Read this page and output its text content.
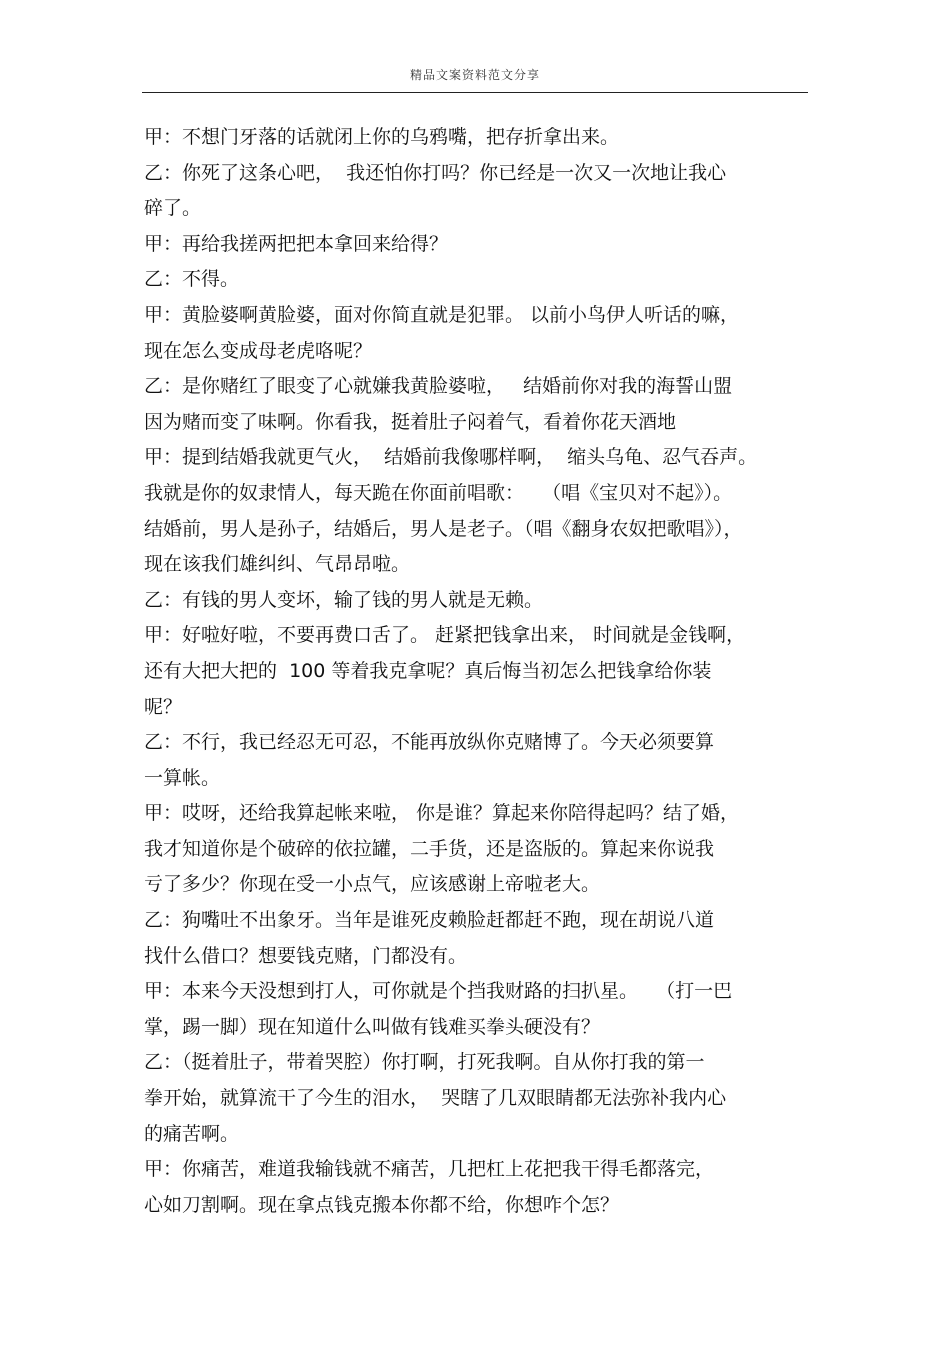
精品文案资料范文分享
甲：不想门牙落的话就闭上你的乌鸦嘴，把存折拿出来。
乙：你死了这条心吧，  我还怕你打吗？你已经是一次又一次地让我心
碎了。
甲：再给我搓两把把本拿回来给得？
乙：不得。
甲：黄脸婆啊黄脸婆，面对你简直就是犯罪。 以前小鸟伊人听话的嘛，
现在怎么变成母老虎咯呢？
乙：是你赌红了眼变了心就嫌我黄脸婆啦，   结婚前你对我的海誓山盟
因为赌而变了味啊。你看我，挺着肚子闷着气，看着你花天酒地
甲：提到结婚我就更气火，  结婚前我像哪样啊，  缩头乌龟、忍气吞声。
我就是你的奴隶情人，每天跪在你面前唱歌：   （唱《宝贝对不起》）。
结婚前，男人是孙子，结婚后，男人是老子。（唱《翻身农奴把歌唱》），
现在该我们雄纠纠、气昂昂啦。
乙：有钱的男人变坏，输了钱的男人就是无赖。
甲：好啦好啦，不要再费口舌了。 赶紧把钱拿出来， 时间就是金钱啊，
还有大把大把的  100 等着我克拿呢？真后悔当初怎么把钱拿给你装
呢？
乙：不行，我已经忍无可忍，不能再放纵你克赌博了。今天必须要算
一算帐。
甲：哎呀，还给我算起帐来啦， 你是谁？算起来你陪得起吗？结了婚，
我才知道你是个破碎的依拉罐，二手货，还是盗版的。算起来你说我
亏了多少？你现在受一小点气，应该感谢上帝啦老大。
乙：狗嘴吐不出象牙。当年是谁死皮赖脸赶都赶不跑，现在胡说八道
找什么借口？想要钱克赌，门都没有。
甲：本来今天没想到打人，可你就是个挡我财路的扫扒星。   （打一巴
掌，踢一脚）现在知道什么叫做有钱难买拳头硬没有？
乙：（挺着肚子，带着哭腔）你打啊，打死我啊。自从你打我的第一
拳开始，就算流干了今生的泪水，  哭瞎了几双眼睛都无法弥补我内心
的痛苦啊。
甲：你痛苦，难道我输钱就不痛苦，几把杠上花把我干得毛都落完，
心如刀割啊。现在拿点钱克搬本你都不给，你想咋个怎？
